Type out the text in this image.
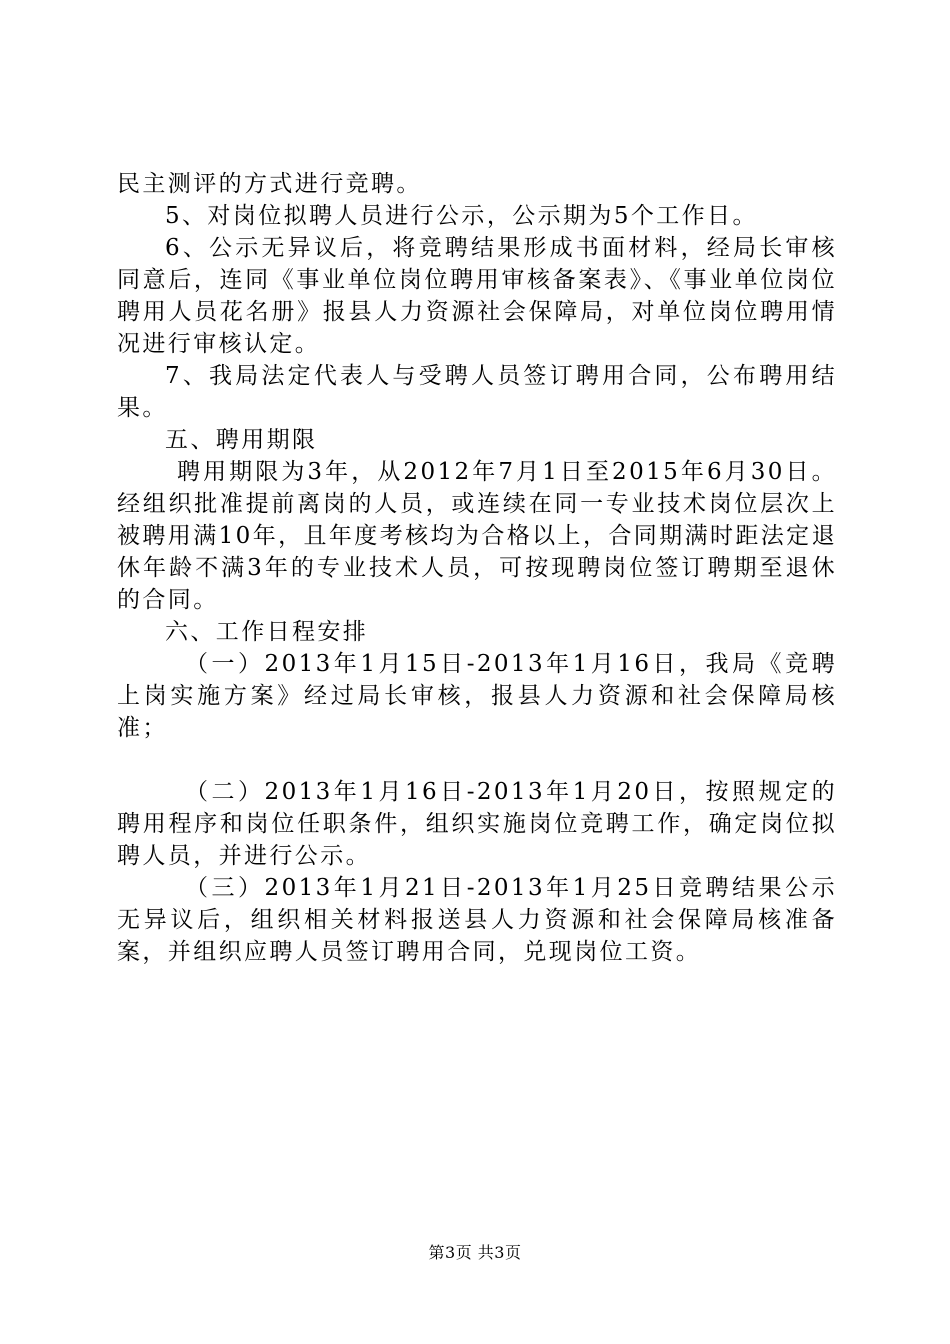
民主测评的方式进行竞聘。

5、对岗位拟聘人员进行公示，公示期为5个工作日。

6、公示无异议后，将竞聘结果形成书面材料，经局长审核同意后，连同《事业单位岗位聘用审核备案表》、《事业单位岗位聘用人员花名册》报县人力资源社会保障局，对单位岗位聘用情况进行审核认定。

7、我局法定代表人与受聘人员签订聘用合同，公布聘用结果。

五、聘用期限

聘用期限为3年，从2012年7月1日至2015年6月30日。经组织批准提前离岗的人员，或连续在同一专业技术岗位层次上被聘用满10年，且年度考核均为合格以上，合同期满时距法定退休年龄不满3年的专业技术人员，可按现聘岗位签订聘期至退休的合同。

六、工作日程安排

（一）2013年1月15日-2013年1月16日，我局《竞聘上岗实施方案》经过局长审核，报县人力资源和社会保障局核准；

（二）2013年1月16日-2013年1月20日，按照规定的聘用程序和岗位任职条件，组织实施岗位竞聘工作，确定岗位拟聘人员，并进行公示。

（三）2013年1月21日-2013年1月25日竞聘结果公示无异议后，组织相关材料报送县人力资源和社会保障局核准备案，并组织应聘人员签订聘用合同，兑现岗位工资。

第3页 共3页
